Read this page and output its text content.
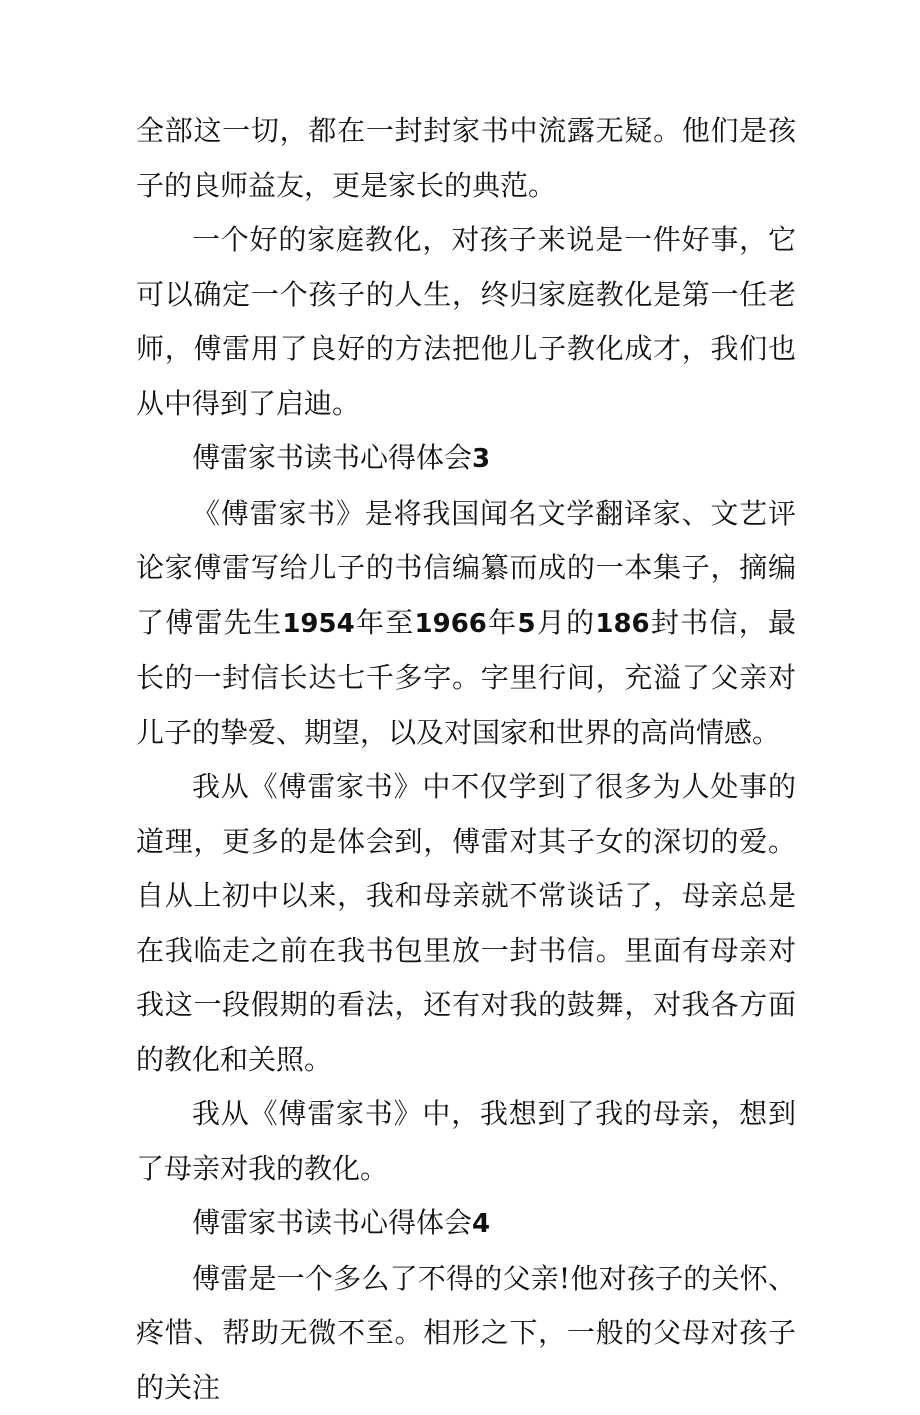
全部这一切，都在一封封家书中流露无疑。他们是孩子的良师益友，更是家长的典范。

一个好的家庭教化，对孩子来说是一件好事，它可以确定一个孩子的人生，终归家庭教化是第一任老师，傅雷用了良好的方法把他儿子教化成才，我们也从中得到了启迪。

傅雷家书读书心得体会3

《傅雷家书》是将我国闻名文学翻译家、文艺评论家傅雷写给儿子的书信编纂而成的一本集子，摘编了傅雷先生1954年至1966年5月的186封书信，最长的一封信长达七千多字。字里行间，充溢了父亲对儿子的挚爱、期望，以及对国家和世界的高尚情感。

我从《傅雷家书》中不仅学到了很多为人处事的道理，更多的是体会到，傅雷对其子女的深切的爱。自从上初中以来，我和母亲就不常谈话了，母亲总是在我临走之前在我书包里放一封书信。里面有母亲对我这一段假期的看法，还有对我的鼓舞，对我各方面的教化和关照。

我从《傅雷家书》中，我想到了我的母亲，想到了母亲对我的教化。

傅雷家书读书心得体会4

傅雷是一个多么了不得的父亲!他对孩子的关怀、疼惜、帮助无微不至。相形之下，一般的父母对孩子的关注
